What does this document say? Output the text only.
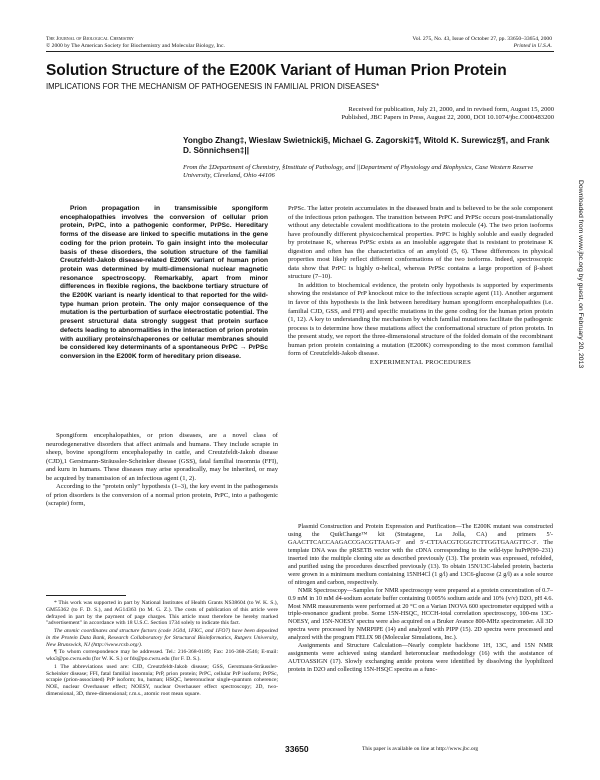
The Journal of Biological Chemistry
© 2000 by The American Society for Biochemistry and Molecular Biology, Inc.
Vol. 275, No. 43, Issue of October 27, pp. 33650–33654, 2000
Printed in U.S.A.
Solution Structure of the E200K Variant of Human Prion Protein
IMPLICATIONS FOR THE MECHANISM OF PATHOGENESIS IN FAMILIAL PRION DISEASES*
Received for publication, July 21, 2000, and in revised form, August 15, 2000
Published, JBC Papers in Press, August 22, 2000, DOI 10.1074/jbc.C000483200
Yongbo Zhang‡, Wieslaw Swietnicki§, Michael G. Zagorski‡¶, Witold K. Surewicz§¶, and Frank D. Sönnichsen‡||
From the ‡Department of Chemistry, §Institute of Pathology, and ||Department of Physiology and Biophysics, Case Western Reserve University, Cleveland, Ohio 44106
Prion propagation in transmissible spongiform encephalopathies involves the conversion of cellular prion protein, PrPC, into a pathogenic conformer, PrPSc. Hereditary forms of the disease are linked to specific mutations in the gene coding for the prion protein. To gain insight into the molecular basis of these disorders, the solution structure of the familial Creutzfeldt-Jakob disease-related E200K variant of human prion protein was determined by multi-dimensional nuclear magnetic resonance spectroscopy. Remarkably, apart from minor differences in flexible regions, the backbone tertiary structure of the E200K variant is nearly identical to that reported for the wild-type human prion protein. The only major consequence of the mutation is the perturbation of surface electrostatic potential. The present structural data strongly suggest that protein surface defects leading to abnormalities in the interaction of prion protein with auxiliary proteins/chaperones or cellular membranes should be considered key determinants of a spontaneous PrPC → PrPSc conversion in the E200K form of hereditary prion disease.

Spongiform encephalopathies, or prion diseases, are a novel class of neurodegenerative disorders that affect animals and humans. They include scrapie in sheep, bovine spongiform encephalopathy in cattle, and Creutzfeldt-Jakob disease (CJD),1 Gerstmann-Sträussler-Scheinker disease (GSS), fatal familial insomnia (FFI), and kuru in humans. These diseases may arise sporadically, may be inherited, or may be acquired by transmission of an infectious agent (1, 2).

According to the "protein only" hypothesis (1–3), the key event in the pathogenesis of prion disorders is the conversion of a normal prion protein, PrPC, into a pathogenic (scrapie) form,

* This work was supported in part by National Institutes of Health Grants NS38604 (to W. K. S.), GM55362 (to F. D. S.), and AG14363 (to M. G. Z.). The costs of publication of this article were defrayed in part by the payment of page charges. This article must therefore be hereby marked "advertisement" in accordance with 18 U.S.C. Section 1734 solely to indicate this fact.

The atomic coordinates and structure factors (code 1G04, 1FKC, and 1FO7) have been deposited in the Protein Data Bank, Research Collaboratory for Structural Bioinformatics, Rutgers University, New Brunswick, NJ (http://www.rcsb.org/).

¶ To whom correspondence may be addressed. Tel.: 216-368-0189; Fax: 216-368-2546; E-mail: wks3@po.cwru.edu (for W. K. S.) or fds@po.cwru.edu (for F. D. S.).

1 The abbreviations used are: CJD, Creutzfeldt-Jakob disease; GSS, Gerstmann-Sträussler-Scheinker disease; FFI, fatal familial insomnia; PrP, prion protein; PrPC, cellular PrP isoform; PrPSc, scrapie (prion-associated) PrP isoform; hu, human; HSQC, heteronuclear single-quantum coherence; NOE, nuclear Overhauser effect; NOESY, nuclear Overhauser effect spectroscopy; 2D, two-dimensional, 3D, three-dimensional; r.m.s., atomic root mean square.

PrPSc. The latter protein accumulates in the diseased brain and is believed to be the sole component of the infectious prion pathogen. The transition between PrPC and PrPSc occurs post-translationally without any detectable covalent modifications to the protein molecule (4). The two prion isoforms have profoundly different physicochemical properties. PrPC is highly soluble and easily degraded by proteinase K, whereas PrPSc exists as an insoluble aggregate that is resistant to proteinase K digestion and often has the characteristics of an amyloid (5, 6). These differences in physical properties most likely reflect different conformations of the two isoforms. Indeed, spectroscopic data show that PrPC is highly α-helical, whereas PrPSc contains a large proportion of β-sheet structure (7–10).

In addition to biochemical evidence, the protein only hypothesis is supported by experiments showing the resistance of PrP knockout mice to the infectious scrapie agent (11). Another argument in favor of this hypothesis is the link between hereditary human spongiform encephalopathies (i.e. familial CJD, GSS, and FFI) and specific mutations in the gene coding for the human prion protein (1, 12). A key to understanding the mechanism by which familial mutations facilitate the pathogenic process is to determine how these mutations affect the conformational structure of prion protein. In the present study, we report the three-dimensional structure of the folded domain of the recombinant human prion protein containing a mutation (E200K) corresponding to the most common familial form of Creutzfeldt-Jakob disease.

EXPERIMENTAL PROCEDURES

Plasmid Construction and Protein Expression and Purification—The E200K mutant was constructed using the QuikChange™ kit (Stratagene, La Jolla, CA) and primers 5′-GAACTTCACCAAGACCGACGTTAAG-3′ and 5′-CTTAACGTCGGTCTTGGTGAAGTTC-3′. The template DNA was the pRSETB vector with the cDNA corresponding to the wild-type huPrP(90–231) inserted into the multiple cloning site as described previously (13). The protein was expressed, refolded, and purified using the procedures described previously (13). To obtain 15N/13C-labeled protein, bacteria were grown in a minimum medium containing 15NH4Cl (1 g/l) and 13C6-glucose (2 g/l) as a sole source of nitrogen and carbon, respectively.

NMR Spectroscopy—Samples for NMR spectroscopy were prepared at a protein concentration of 0.7–0.9 mM in 10 mM d4-sodium acetate buffer containing 0.005% sodium azide and 10% (v/v) D2O, pH 4.6. Most NMR measurements were performed at 20 °C on a Varian INOVA 600 spectrometer equipped with a triple-resonance gradient probe. Some 15N-HSQC, HCCH-total correlation spectroscopy, 100-ms 13C-NOESY, and 15N-NOESY spectra were also acquired on a Bruker Avance 800-MHz spectrometer. All 3D spectra were processed by NMRPIPE (14) and analyzed with PIPP (15). 2D spectra were processed and analyzed with the program FELIX 98 (Molecular Simulations, Inc.).

Assignments and Structure Calculation—Nearly complete backbone 1H, 13C, and 15N NMR assignments were achieved using standard heteronuclear methodology (16) with the assistance of AUTOASSIGN (17). Slowly exchanging amide protons were identified by dissolving the lyophilized protein in D2O and collecting 15N-HSQC spectra as a func-

Downloaded from www.jbc.org by guest, on February 20, 2013
33650	This paper is available on line at http://www.jbc.org
